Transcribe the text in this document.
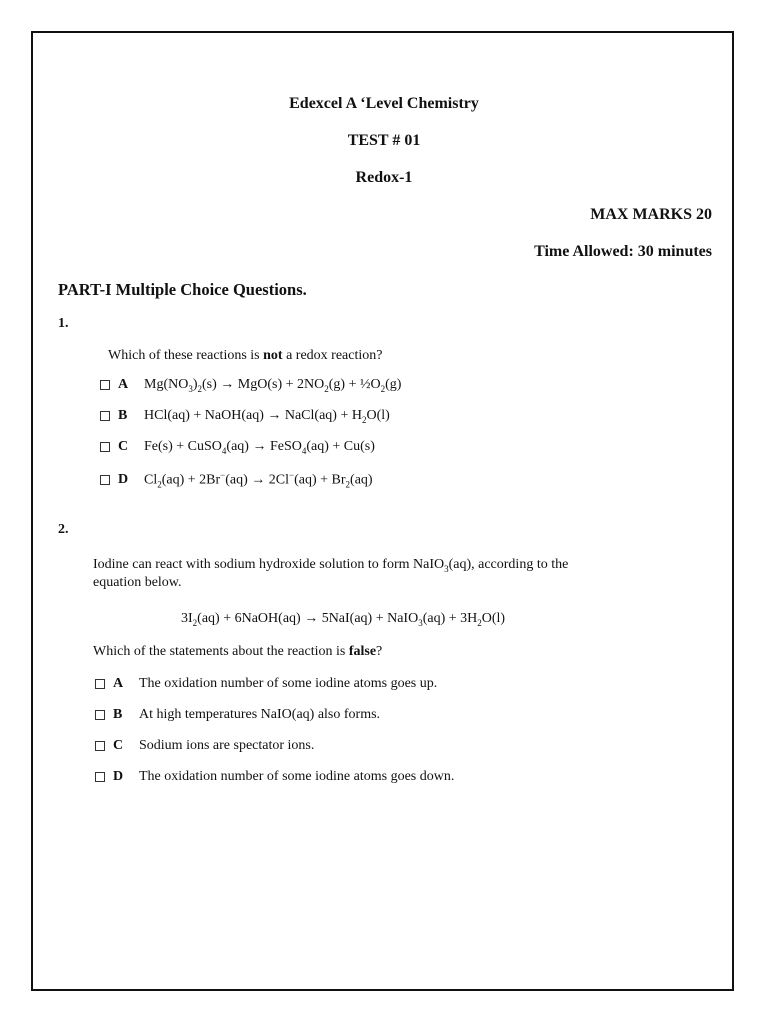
Edexcel A ‘Level Chemistry
TEST # 01
Redox-1
MAX MARKS 20
Time Allowed: 30 minutes
PART-I Multiple Choice Questions.
1.
Which of these reactions is not a redox reaction?
A	$Mg(NO_3)_2(s) \to MgO(s) + 2NO_2(g)$ + $\frac{1}{2}O_2(g)$
B	HCl(aq) + NaOH(aq) → NaCl(aq) + $H_2O(l)$
C	Fe(s) + CuSO$_4$(aq) → FeSO$_4$(aq) + Cu(s)
D	$Cl_2(aq) + 2Br^-(aq) \to 2Cl^-(aq) + Br_2(aq)$
2.
Iodine can react with sodium hydroxide solution to form NaIO$_3$(aq), according to the
equation below.
$3I_2(aq)$ + 6NaOH(aq) → 5NaI(aq) + NaIO$_3$(aq) + $3H_2O(l)$
Which of the statements about the reaction is false?
A	The oxidation number of some iodine atoms goes up.
B	At high temperatures NaIO(aq) also forms.
C	Sodium ions are spectator ions.
D	The oxidation number of some iodine atoms goes down.
